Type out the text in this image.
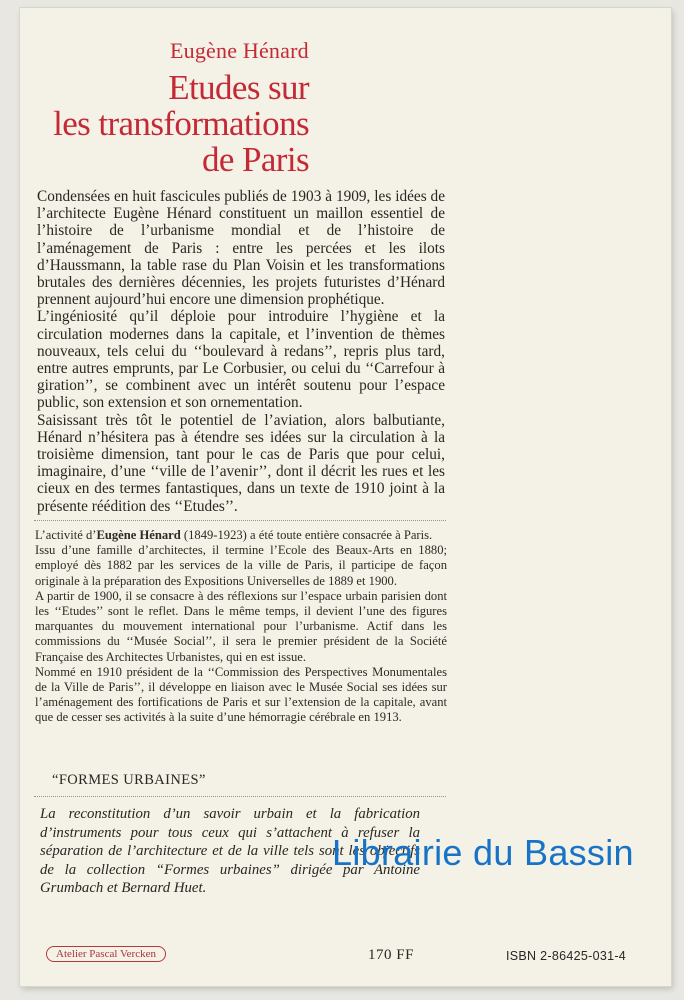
Eugène Hénard
Etudes sur
les transformations
de Paris

Condensées en huit fascicules publiés de 1903 à 1909, les idées de l’architecte Eugène Hénard constituent un maillon essentiel de l’histoire de l’urbanisme mondial et de l’histoire de l’aménagement de Paris : entre les percées et les ilots d’Haussmann, la table rase du Plan Voisin et les transformations brutales des dernières décennies, les projets futuristes d’Hénard prennent aujourd’hui encore une dimension prophétique.

L’ingéniosité qu’il déploie pour introduire l’hygiène et la circulation modernes dans la capitale, et l’invention de thèmes nouveaux, tels celui du ‘‘boulevard à redans’’, repris plus tard, entre autres emprunts, par Le Corbusier, ou celui du ‘‘Carrefour à giration’’, se combinent avec un intérêt soutenu pour l’espace public, son extension et son ornementation.

Saisissant très tôt le potentiel de l’aviation, alors balbutiante, Hénard n’hésitera pas à étendre ses idées sur la circulation à la troisième dimension, tant pour le cas de Paris que pour celui, imaginaire, d’une ‘‘ville de l’avenir’’, dont il décrit les rues et les cieux en des termes fantastiques, dans un texte de 1910 joint à la présente réédition des ‘‘Etudes’’.

L’activité d’Eugène Hénard (1849-1923) a été toute entière consacrée à Paris.

Issu d’une famille d’architectes, il termine l’Ecole des Beaux-Arts en 1880; employé dès 1882 par les services de la ville de Paris, il participe de façon originale à la préparation des Expositions Universelles de 1889 et 1900.

A partir de 1900, il se consacre à des réflexions sur l’espace urbain parisien dont les ‘‘Etudes’’ sont le reflet. Dans le même temps, il devient l’une des figures marquantes du mouvement international pour l’urbanisme. Actif dans les commissions du ‘‘Musée Social’’, il sera le premier président de la Société Française des Architectes Urbanistes, qui en est issue.

Nommé en 1910 président de la ‘‘Commission des Perspectives Monumentales de la Ville de Paris’’, il développe en liaison avec le Musée Social ses idées sur l’aménagement des fortifications de Paris et sur l’extension de la capitale, avant que de cesser ses activités à la suite d’une hémorragie cérébrale en 1913.

“FORMES URBAINES”
La reconstitution d’un savoir urbain et la fabrication d’instruments pour tous ceux qui s’attachent à refuser la séparation de l’architecture et de la ville tels sont les objectifs de la collection “Formes urbaines” dirigée par Antoine Grumbach et Bernard Huet.
Librairie du Bassin
Atelier Pascal Vercken	170 FF	ISBN 2-86425-031-4
